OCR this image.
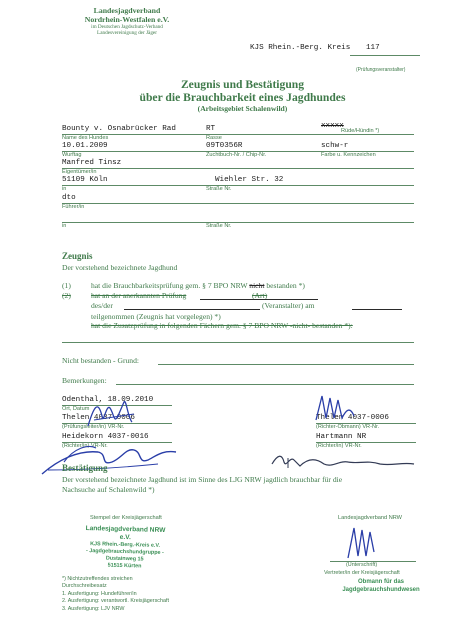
Landesjagdverband
Nordrhein-Westfalen e.V.
im Deutschen Jagdschutz-Verband
Landesvereinigung der Jäger
KJS Rhein.-Berg. Kreis 117
(Prüfungsveranstalter)
Zeugnis und Bestätigung
über die Brauchbarkeit eines Jagdhundes
(Arbeitsgebiet Schalenwild)
Bounty v. Osnabrücker Rad	RT	xxxxx
Name des Hundes	Rasse
Rüde/Hündin *)
10.01.2009	09T0356R	schw-r
Wurftag	Zuchtbuch-Nr. / Chip-Nr.	Farbe u. Kennzeichen
Manfred Tinsz
Eigentümer/in
51109 Köln	Wiehler Str. 32
in	Straße Nr.
dto
Führer/in
in	Straße Nr.
Zeugnis
Der vorstehend bezeichnete Jagdhund
(1)	hat die Brauchbarkeitsprüfung gem. § 7 BPO NRW nicht bestanden *)
(2)	hat an der anerkannten Prüfung	(Art)
des/der	(Veranstalter) am
teilgenommen (Zeugnis hat vorgelegen) *)
hat die Zusatzprüfung in folgenden Fächern gem. § 7 BPO NRW -nicht- bestanden *):
Nicht bestanden - Grund:
Bemerkungen:
Odenthal, 18.09.2010
Ort, Datum
Thelen 4037-0006
(Prüfungsleiter/in) VR-Nr.
Thelen 4037-0006
(Richter-Obmann) VR-Nr.
Heidekorn 4037-0016
(Richter/in) VR-Nr.
Hartmann NR
(Richter/in) VR-Nr.
Bestätigung
Der vorstehend bezeichnete Jagdhund ist im Sinne des LJG NRW jagdlich brauchbar für die
Nachsuche auf Schalenwild *)
Stempel der Kreisjägerschaft	Landesjagdverband NRW
Landesjagdverband NRW e.V.
KJS Rhein.-Berg.-Kreis e.V.
- Jagdgebrauchshundgruppe -
Dustainweg 15
51515 Kürten	(Unterschrift)
Vertreter/in der Kreisjägerschaft
Obmann für das
Jagdgebrauchshundwesen
*) Nichtzutreffendes streichen
Durchschreibesatz
1. Ausfertigung: Hundeführer/in
2. Ausfertigung: verantwortl. Kreisjägerschaft
3. Ausfertigung: LJV NRW
